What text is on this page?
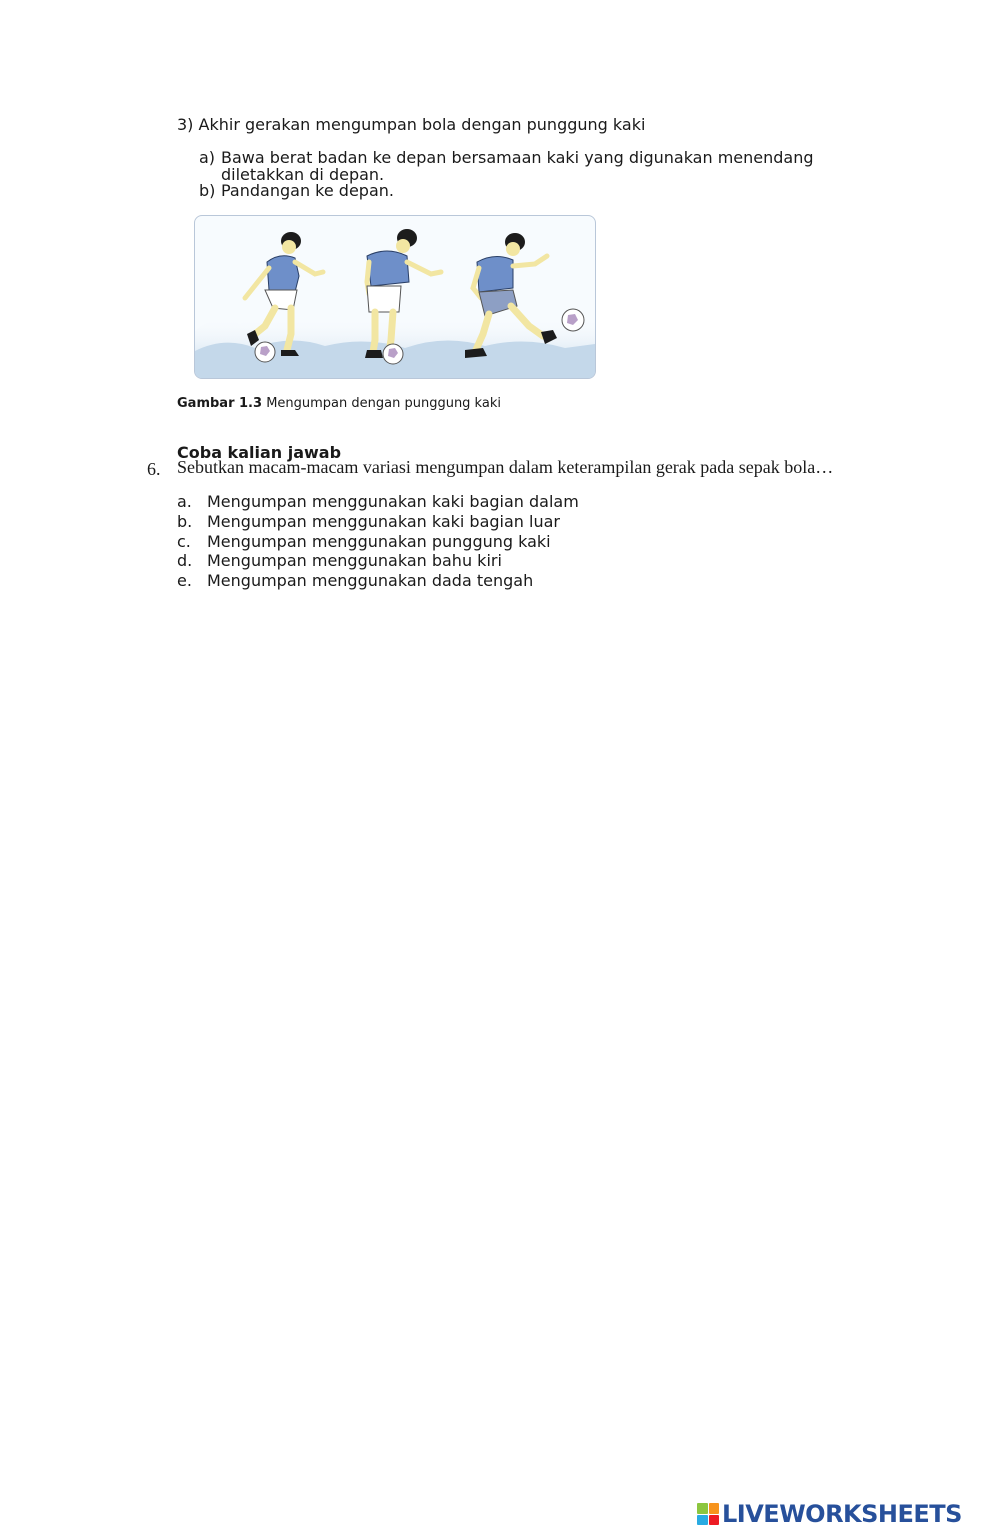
3) Akhir gerakan mengumpan bola dengan punggung kaki
a) Bawa berat badan ke depan bersamaan kaki yang digunakan menendang diletakkan di depan.
b) Pandangan ke depan.
Gambar 1.3 Mengumpan dengan punggung kaki
Coba kalian jawab
6. Sebutkan macam-macam variasi mengumpan dalam keterampilan gerak pada sepak bola…
a. Mengumpan menggunakan kaki bagian dalam
b. Mengumpan menggunakan kaki bagian luar
c. Mengumpan menggunakan punggung kaki
d. Mengumpan menggunakan bahu kiri
e. Mengumpan menggunakan dada tengah
LIVEWORKSHEETS
